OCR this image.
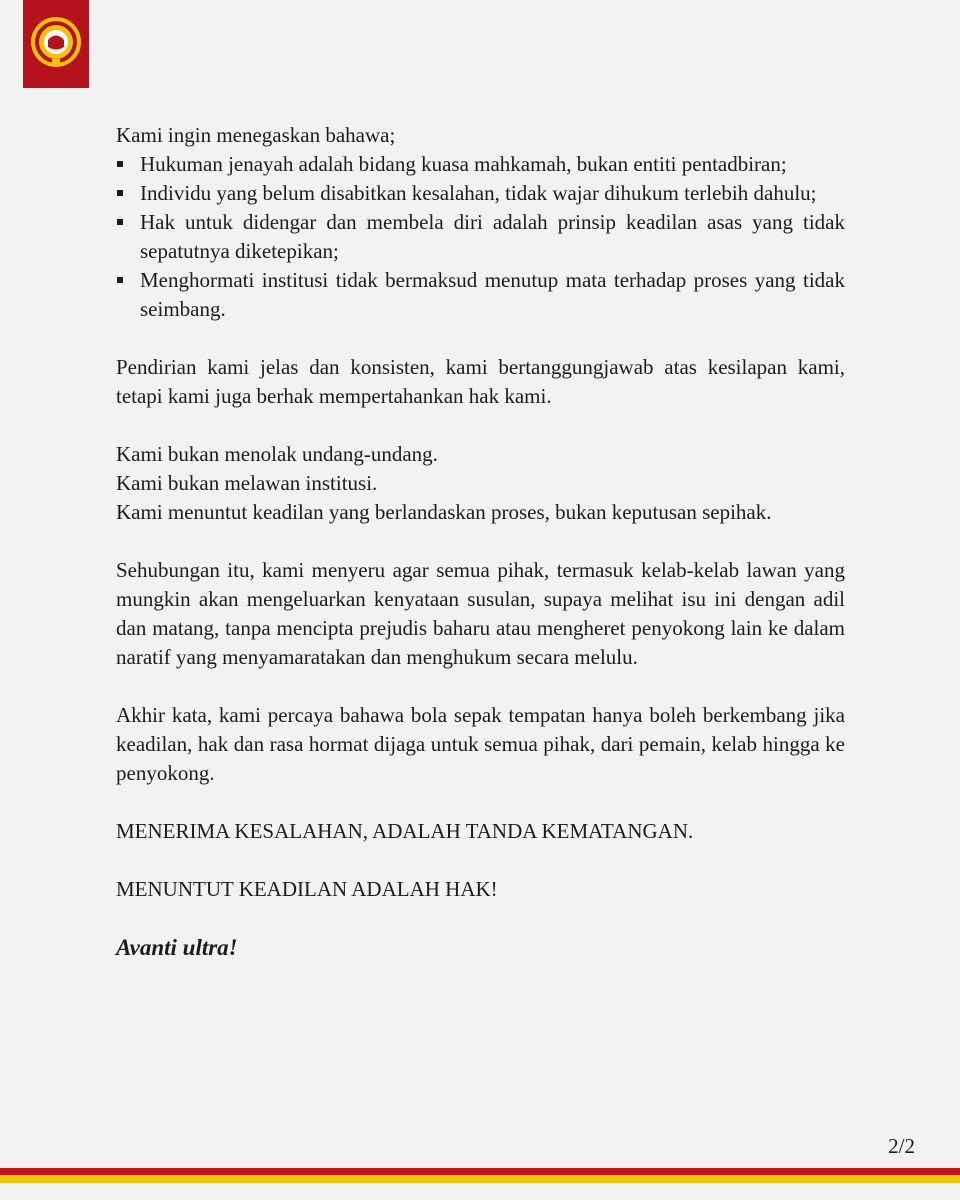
Kami ingin menegaskan bahawa;

Hukuman jenayah adalah bidang kuasa mahkamah, bukan entiti pentadbiran;
Individu yang belum disabitkan kesalahan, tidak wajar dihukum terlebih dahulu;
Hak untuk didengar dan membela diri adalah prinsip keadilan asas yang tidak sepatutnya diketepikan;
Menghormati institusi tidak bermaksud menutup mata terhadap proses yang tidak seimbang.

Pendirian kami jelas dan konsisten, kami bertanggungjawab atas kesilapan kami, tetapi kami juga berhak mempertahankan hak kami.

Kami bukan menolak undang-undang.

Kami bukan melawan institusi.

Kami menuntut keadilan yang berlandaskan proses, bukan keputusan sepihak.

Sehubungan itu, kami menyeru agar semua pihak, termasuk kelab-kelab lawan yang mungkin akan mengeluarkan kenyataan susulan, supaya melihat isu ini dengan adil dan matang, tanpa mencipta prejudis baharu atau mengheret penyokong lain ke dalam naratif yang menyamaratakan dan menghukum secara melulu.

Akhir kata, kami percaya bahawa bola sepak tempatan hanya boleh berkembang jika keadilan, hak dan rasa hormat dijaga untuk semua pihak, dari pemain, kelab hingga ke penyokong.

MENERIMA KESALAHAN, ADALAH TANDA KEMATANGAN.

MENUNTUT KEADILAN ADALAH HAK!

Avanti ultra!

2/2
